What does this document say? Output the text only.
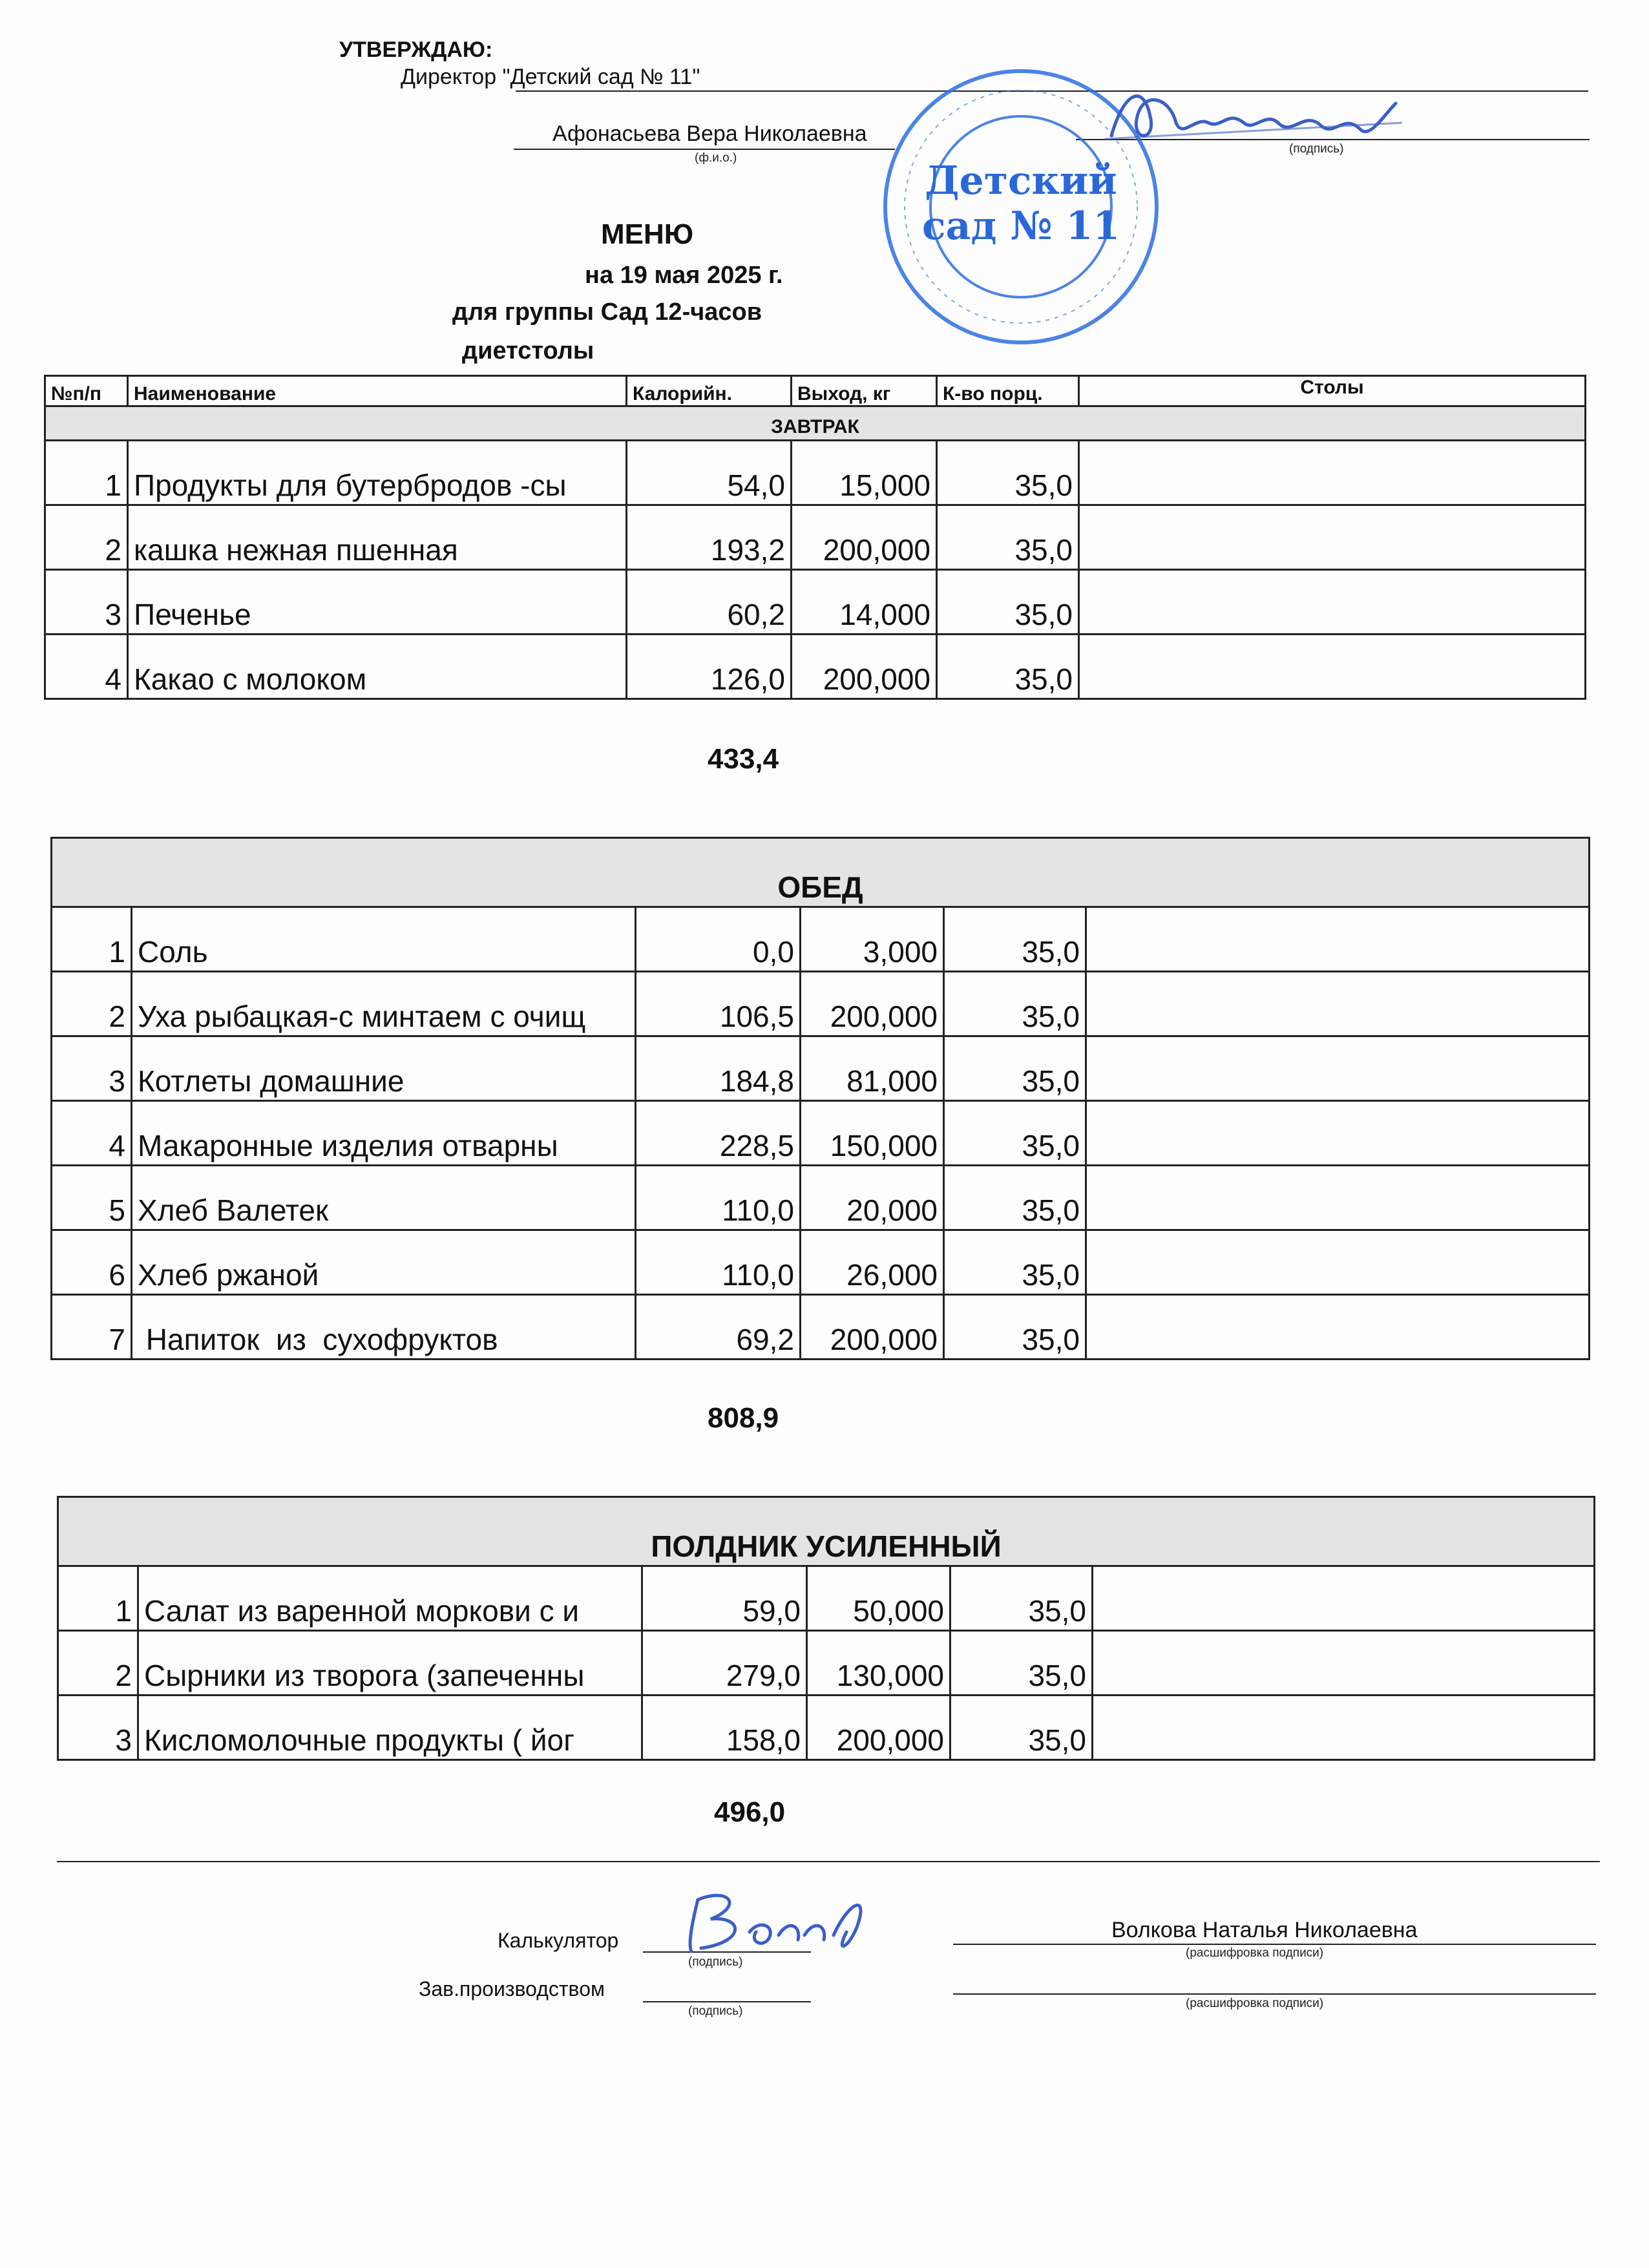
УТВЕРЖДАЮ:
Директор "Детский сад № 11"
Афонасьева Вера Николаевна
(ф.и.о.)
(подпись)
Детский
сад № 11
МЕНЮ
на 19 мая 2025 г.
для группы Сад 12-часов
диетстолы
№п/п	Наименование	Калорийн.	Выход, кг	К-во порц.	Столы
ЗАВТРАК					
1	Продукты для бутербродов -сы	54,0	15,000	35,0	
2	кашка нежная пшенная	193,2	200,000	35,0	
3	Печенье	60,2	14,000	35,0	
4	Какао с молоком	126,0	200,000	35,0	
433,4
ОБЕД					
1	Соль	0,0	3,000	35,0	
2	Уха рыбацкая-с минтаем с очищ	106,5	200,000	35,0	
3	Котлеты домашние	184,8	81,000	35,0	
4	Макаронные изделия отварны	228,5	150,000	35,0	
5	Хлеб Валетек	110,0	20,000	35,0	
6	Хлеб ржаной	110,0	26,000	35,0	
7	Напиток  из  сухофруктов	69,2	200,000	35,0	
808,9
ПОЛДНИК УСИЛЕННЫЙ					
1	Салат из варенной моркови с и	59,0	50,000	35,0	
2	Сырники из творога (запеченны	279,0	130,000	35,0	
3	Кисломолочные продукты ( йог	158,0	200,000	35,0	
496,0
Калькулятор
(подпись)
Волкова Наталья Николаевна
(расшифровка подписи)
Зав.производством
(подпись)
(расшифровка подписи)
